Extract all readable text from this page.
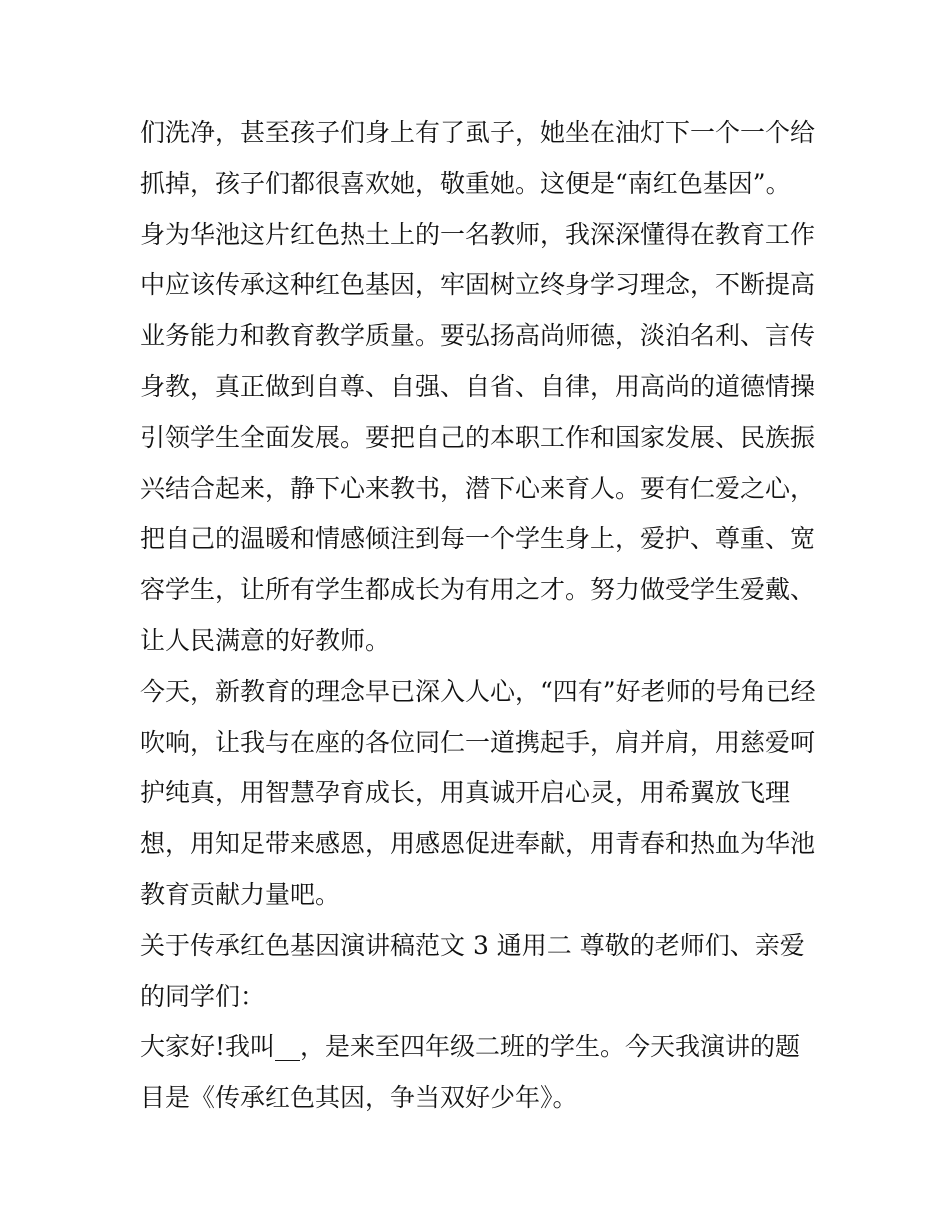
们洗净，甚至孩子们身上有了虱子，她坐在油灯下一个一个给
抓掉，孩子们都很喜欢她，敬重她。这便是“南红色基因”。
身为华池这片红色热土上的一名教师，我深深懂得在教育工作
中应该传承这种红色基因，牢固树立终身学习理念，不断提高
业务能力和教育教学质量。要弘扬高尚师德，淡泊名利、言传
身教，真正做到自尊、自强、自省、自律，用高尚的道德情操
引领学生全面发展。要把自己的本职工作和国家发展、民族振
兴结合起来，静下心来教书，潜下心来育人。要有仁爱之心，
把自己的温暖和情感倾注到每一个学生身上，爱护、尊重、宽
容学生，让所有学生都成长为有用之才。努力做受学生爱戴、
让人民满意的好教师。
今天，新教育的理念早已深入人心，“四有”好老师的号角已经
吹响，让我与在座的各位同仁一道携起手，肩并肩，用慈爱呵
护纯真，用智慧孕育成长，用真诚开启心灵，用希翼放飞理
想，用知足带来感恩，用感恩促进奉献，用青春和热血为华池
教育贡献力量吧。
关于传承红色基因演讲稿范文 3 通用二 尊敬的老师们、亲爱
的同学们：
大家好!我叫__，是来至四年级二班的学生。今天我演讲的题
目是《传承红色其因，争当双好少年》。
